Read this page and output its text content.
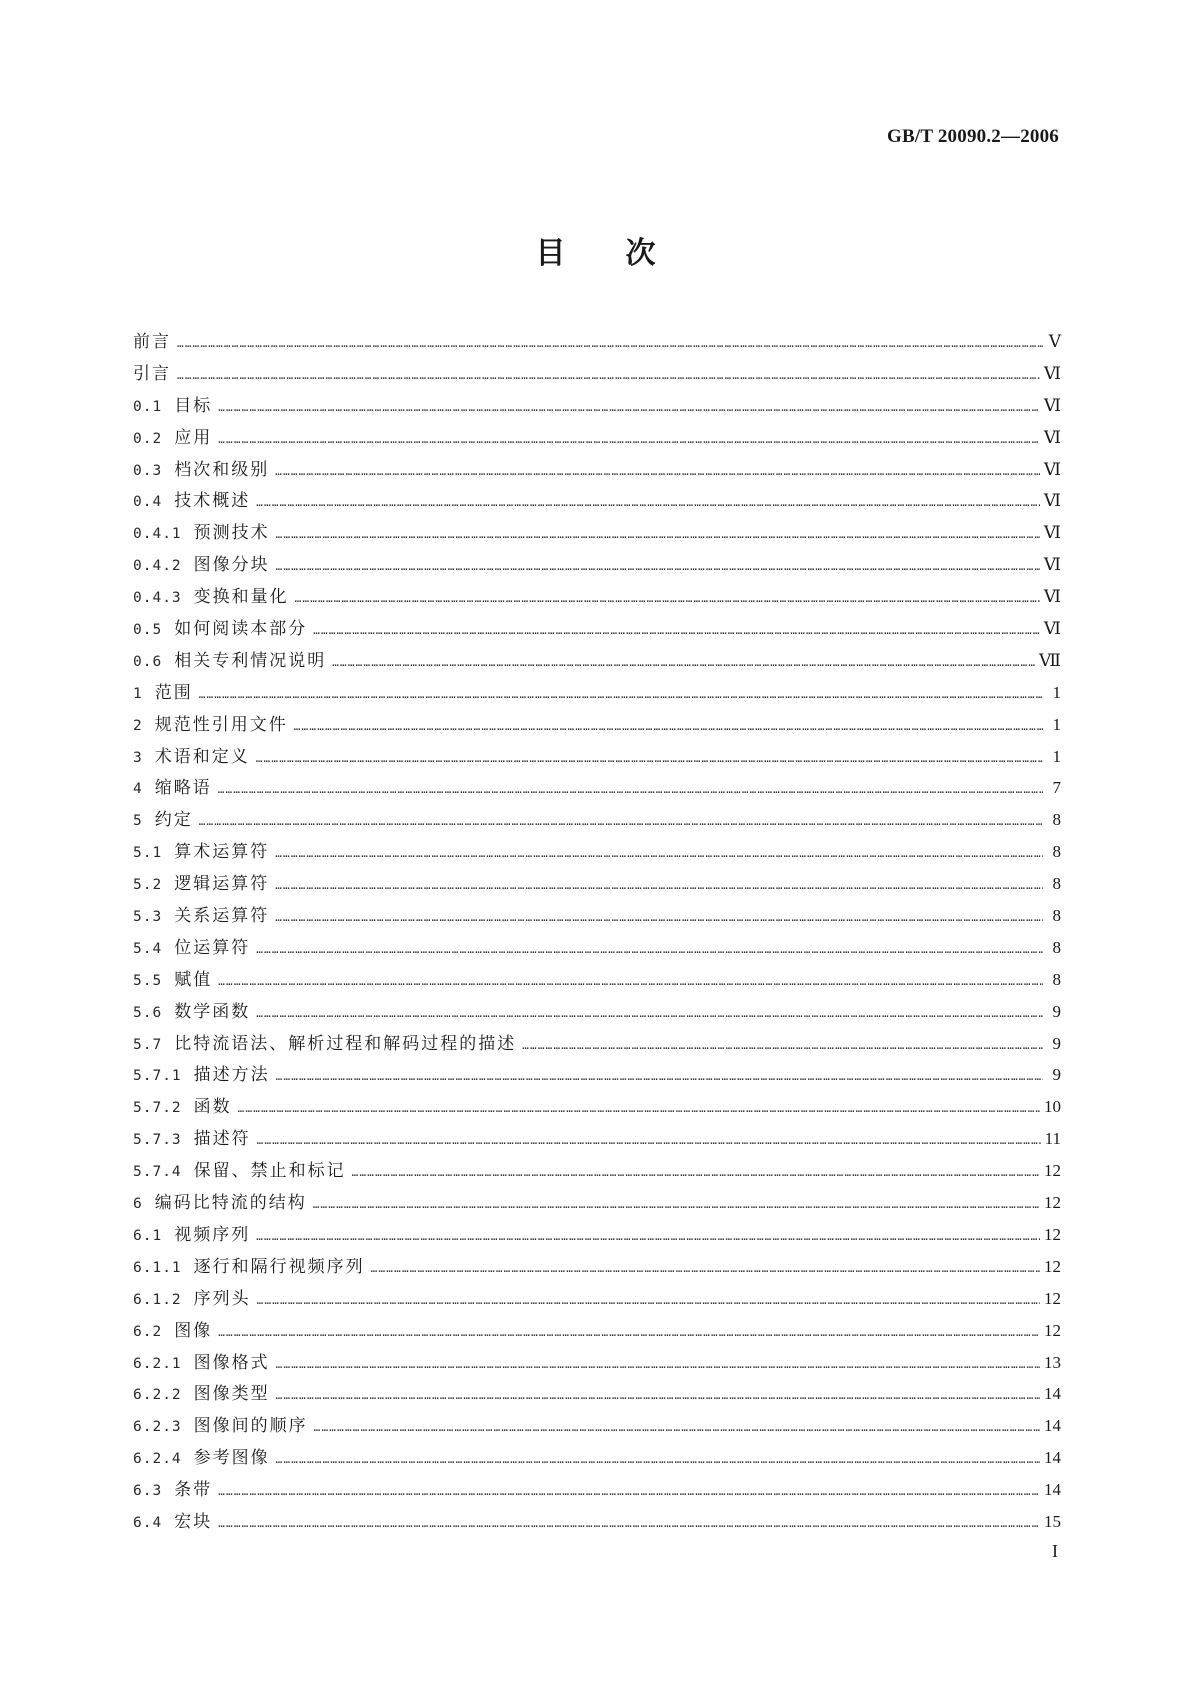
GB/T 20090.2—2006
目次
前言 ……………………………………………………………………………………………………………………………………………………………………………………………………………………………………………………………………………………………………………	Ⅴ
引言 ……………………………………………………………………………………………………………………………………………………………………………………………………………………………………………………………………………………………………………	Ⅵ
0.1 目标 ……………………………………………………………………………………………………………………………………………………………………………………………………………………………………………………………………………………………………………	Ⅵ
0.2 应用 ……………………………………………………………………………………………………………………………………………………………………………………………………………………………………………………………………………………………………………	Ⅵ
0.3 档次和级别 ……………………………………………………………………………………………………………………………………………………………………………………………………………………………………………………………………………………………………………	Ⅵ
0.4 技术概述 ……………………………………………………………………………………………………………………………………………………………………………………………………………………………………………………………………………………………………………	Ⅵ
0.4.1 预测技术 ……………………………………………………………………………………………………………………………………………………………………………………………………………………………………………………………………………………………………………	Ⅵ
0.4.2 图像分块 ……………………………………………………………………………………………………………………………………………………………………………………………………………………………………………………………………………………………………………	Ⅵ
0.4.3 变换和量化 ……………………………………………………………………………………………………………………………………………………………………………………………………………………………………………………………………………………………………………	Ⅵ
0.5 如何阅读本部分 ……………………………………………………………………………………………………………………………………………………………………………………………………………………………………………………………………………………………………………	Ⅵ
0.6 相关专利情况说明 ……………………………………………………………………………………………………………………………………………………………………………………………………………………………………………………………………………………………………………	Ⅶ
1 范围 ……………………………………………………………………………………………………………………………………………………………………………………………………………………………………………………………………………………………………………	1
2 规范性引用文件 ……………………………………………………………………………………………………………………………………………………………………………………………………………………………………………………………………………………………………………	1
3 术语和定义 ……………………………………………………………………………………………………………………………………………………………………………………………………………………………………………………………………………………………………………	1
4 缩略语 ……………………………………………………………………………………………………………………………………………………………………………………………………………………………………………………………………………………………………………	7
5 约定 ……………………………………………………………………………………………………………………………………………………………………………………………………………………………………………………………………………………………………………	8
5.1 算术运算符 ……………………………………………………………………………………………………………………………………………………………………………………………………………………………………………………………………………………………………………	8
5.2 逻辑运算符 ……………………………………………………………………………………………………………………………………………………………………………………………………………………………………………………………………………………………………………	8
5.3 关系运算符 ……………………………………………………………………………………………………………………………………………………………………………………………………………………………………………………………………………………………………………	8
5.4 位运算符 ……………………………………………………………………………………………………………………………………………………………………………………………………………………………………………………………………………………………………………	8
5.5 赋值 ……………………………………………………………………………………………………………………………………………………………………………………………………………………………………………………………………………………………………………	8
5.6 数学函数 ……………………………………………………………………………………………………………………………………………………………………………………………………………………………………………………………………………………………………………	9
5.7 比特流语法、解析过程和解码过程的描述 ……………………………………………………………………………………………………………………………………………………………………………………………………………………………………………………………………………………………………………	9
5.7.1 描述方法 ……………………………………………………………………………………………………………………………………………………………………………………………………………………………………………………………………………………………………………	9
5.7.2 函数 ……………………………………………………………………………………………………………………………………………………………………………………………………………………………………………………………………………………………………………	10
5.7.3 描述符 ……………………………………………………………………………………………………………………………………………………………………………………………………………………………………………………………………………………………………………	11
5.7.4 保留、禁止和标记 ……………………………………………………………………………………………………………………………………………………………………………………………………………………………………………………………………………………………………………	12
6 编码比特流的结构 ……………………………………………………………………………………………………………………………………………………………………………………………………………………………………………………………………………………………………………	12
6.1 视频序列 ……………………………………………………………………………………………………………………………………………………………………………………………………………………………………………………………………………………………………………	12
6.1.1 逐行和隔行视频序列 ……………………………………………………………………………………………………………………………………………………………………………………………………………………………………………………………………………………………………………	12
6.1.2 序列头 ……………………………………………………………………………………………………………………………………………………………………………………………………………………………………………………………………………………………………………	12
6.2 图像 ……………………………………………………………………………………………………………………………………………………………………………………………………………………………………………………………………………………………………………	12
6.2.1 图像格式 ……………………………………………………………………………………………………………………………………………………………………………………………………………………………………………………………………………………………………………	13
6.2.2 图像类型 ……………………………………………………………………………………………………………………………………………………………………………………………………………………………………………………………………………………………………………	14
6.2.3 图像间的顺序 ……………………………………………………………………………………………………………………………………………………………………………………………………………………………………………………………………………………………………………	14
6.2.4 参考图像 ……………………………………………………………………………………………………………………………………………………………………………………………………………………………………………………………………………………………………………	14
6.3 条带 ……………………………………………………………………………………………………………………………………………………………………………………………………………………………………………………………………………………………………………	14
6.4 宏块 ……………………………………………………………………………………………………………………………………………………………………………………………………………………………………………………………………………………………………………	15
I
